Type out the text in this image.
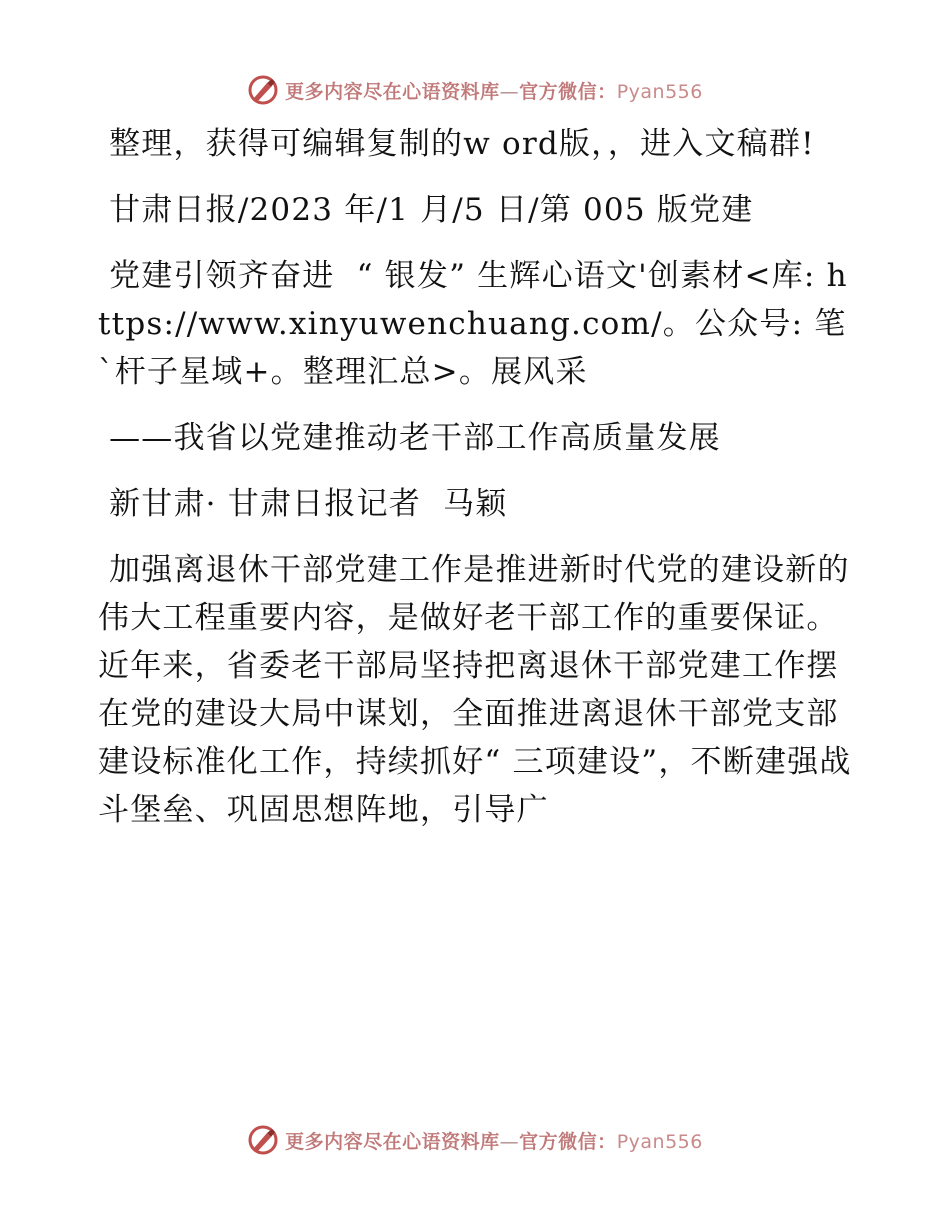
更多内容尽在心语资料库—官方微信：Pyan556

整理，获得可编辑复制的w ord版，，进入文稿群!

甘肃日报/2023 年/1 月/5 日/第 005 版党建

党建引领齐奋进  “ 银发” 生辉心语文'创素材<库: https://www.xinyuwenchuang.com/。公众号: 笔`杆子星域+。整理汇总>。展风采

——我省以党建推动老干部工作高质量发展

新甘肃· 甘肃日报记者  马颖

加强离退休干部党建工作是推进新时代党的建设新的伟大工程重要内容，是做好老干部工作的重要保证。近年来，省委老干部局坚持把离退休干部党建工作摆在党的建设大局中谋划，全面推进离退休干部党支部建设标准化工作，持续抓好“ 三项建设”，不断建强战斗堡垒、巩固思想阵地，引导广

更多内容尽在心语资料库—官方微信：Pyan556
